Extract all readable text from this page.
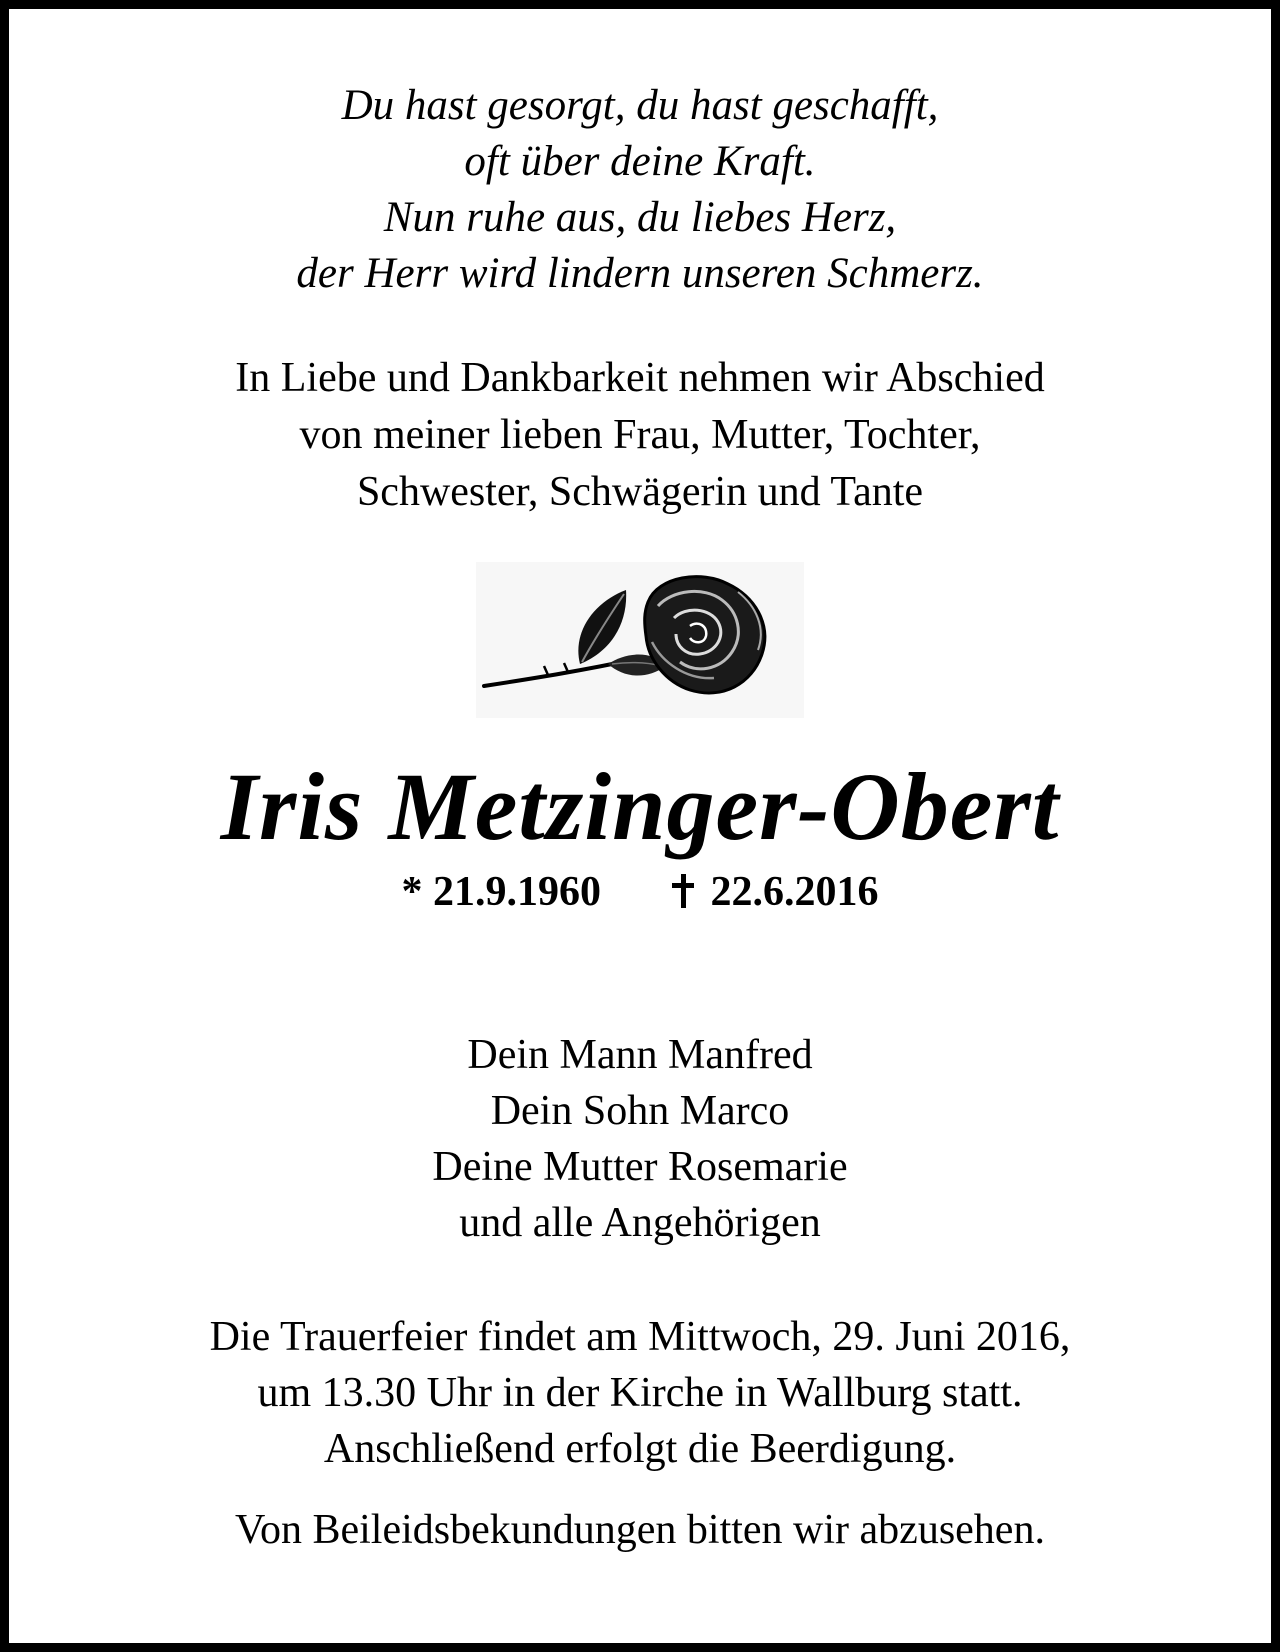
Du hast gesorgt, du hast geschafft,
oft über deine Kraft.
Nun ruhe aus, du liebes Herz,
der Herr wird lindern unseren Schmerz.
In Liebe und Dankbarkeit nehmen wir Abschied
von meiner lieben Frau, Mutter, Tochter,
Schwester, Schwägerin und Tante
Iris Metzinger-Obert
* 21.9.1960	22.6.2016
Dein Mann Manfred
Dein Sohn Marco
Deine Mutter Rosemarie
und alle Angehörigen
Die Trauerfeier findet am Mittwoch, 29. Juni 2016,
um 13.30 Uhr in der Kirche in Wallburg statt.
Anschließend erfolgt die Beerdigung.
Von Beileidsbekundungen bitten wir abzusehen.
